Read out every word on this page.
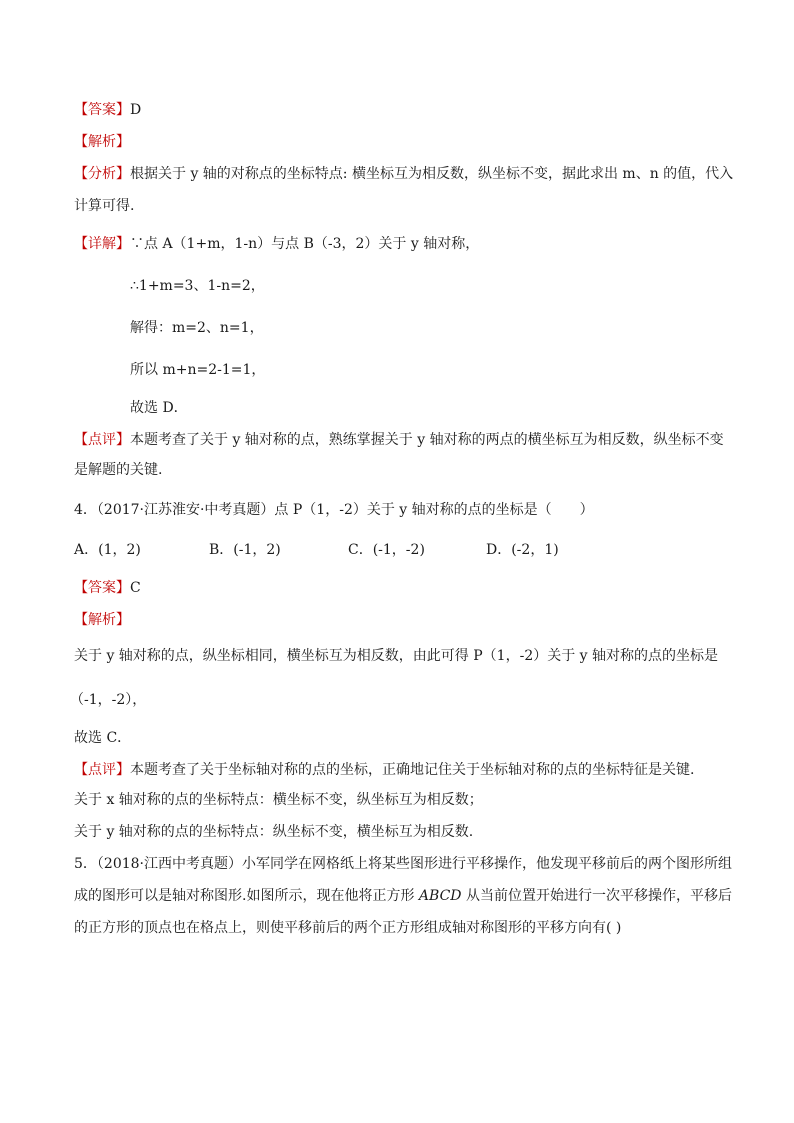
【答案】D
【解析】
【分析】根据关于 y 轴的对称点的坐标特点: 横坐标互为相反数，纵坐标不变，据此求出 m、n 的值，代入
计算可得.
【详解】∵点 A（1+m，1-n）与点 B（-3，2）关于 y 轴对称，
∴1+m=3、1-n=2，
解得：m=2、n=1，
所以 m+n=2-1=1，
故选 D．
【点评】本题考查了关于 y 轴对称的点，熟练掌握关于 y 轴对称的两点的横坐标互为相反数，纵坐标不变
是解题的关键.
4．（2017·江苏淮安·中考真题）点 P（1，-2）关于 y 轴对称的点的坐标是（　　）
A．(1，2)	B．(-1，2)	C．(-1，-2)	D．(-2，1)
【答案】C
【解析】
关于 y 轴对称的点，纵坐标相同，横坐标互为相反数，由此可得 P（1，-2）关于 y 轴对称的点的坐标是
（-1，-2），
故选 C．
【点评】本题考查了关于坐标轴对称的点的坐标，正确地记住关于坐标轴对称的点的坐标特征是关键.
关于 x 轴对称的点的坐标特点：横坐标不变，纵坐标互为相反数；
关于 y 轴对称的点的坐标特点：纵坐标不变，横坐标互为相反数.
5．（2018·江西中考真题）小军同学在网格纸上将某些图形进行平移操作，他发现平移前后的两个图形所组
成的图形可以是轴对称图形.如图所示，现在他将正方形 ABCD 从当前位置开始进行一次平移操作，平移后
的正方形的顶点也在格点上，则使平移前后的两个正方形组成轴对称图形的平移方向有( )
